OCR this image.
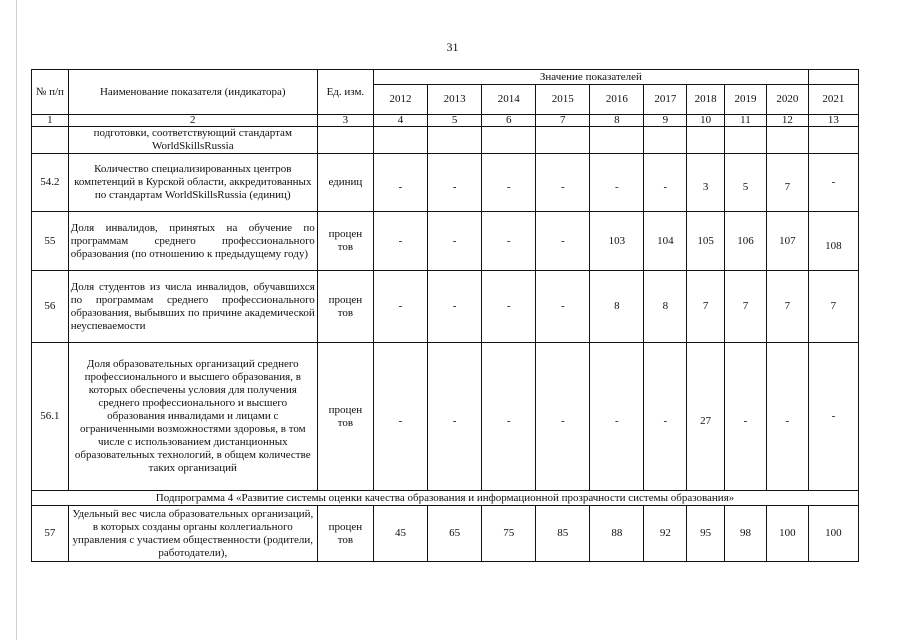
31
№ п/п	Наименование показателя (индикатора)	Ед. изм.	Значение показателей									
			2012	2013	2014	2015	2016	2017	2018	2019	2020	2021
1	2	3	4	5	6	7	8	9	10	11	12	13
	подготовки, соответствующий стандартам WorldSkillsRussia											
54.2	Количество специализированных центров компетенций в Курской области, аккредитованных по стандартам WorldSkillsRussia (единиц)	единиц	-	-	-	-	-	-	3	5	7	-
55	Доля инвалидов, принятых на обучение по программам среднего профессионального образования (по отношению к предыдущему году)	процен тов	-	-	-	-	103	104	105	106	107	108
56	Доля студентов из числа инвалидов, обучавшихся по программам среднего профессионального образования, выбывших по причине академической неуспеваемости	процен тов	-	-	-	-	8	8	7	7	7	7
56.1	Доля образовательных организаций среднего профессионального и высшего образования, в которых обеспечены условия для получения среднего профессионального и высшего образования инвалидами и лицами с ограниченными возможностями здоровья, в том числе с использованием дистанционных образовательных технологий, в общем количестве таких организаций	процен тов	-	-	-	-	-	-	27	-	-	-
Подпрограмма 4 «Развитие системы оценки качества образования и информационной прозрачности системы образования»												
57	Удельный вес числа образовательных организаций, в которых созданы органы коллегиального управления с участием общественности (родители, работодатели),	процен тов	45	65	75	85	88	92	95	98	100	100
